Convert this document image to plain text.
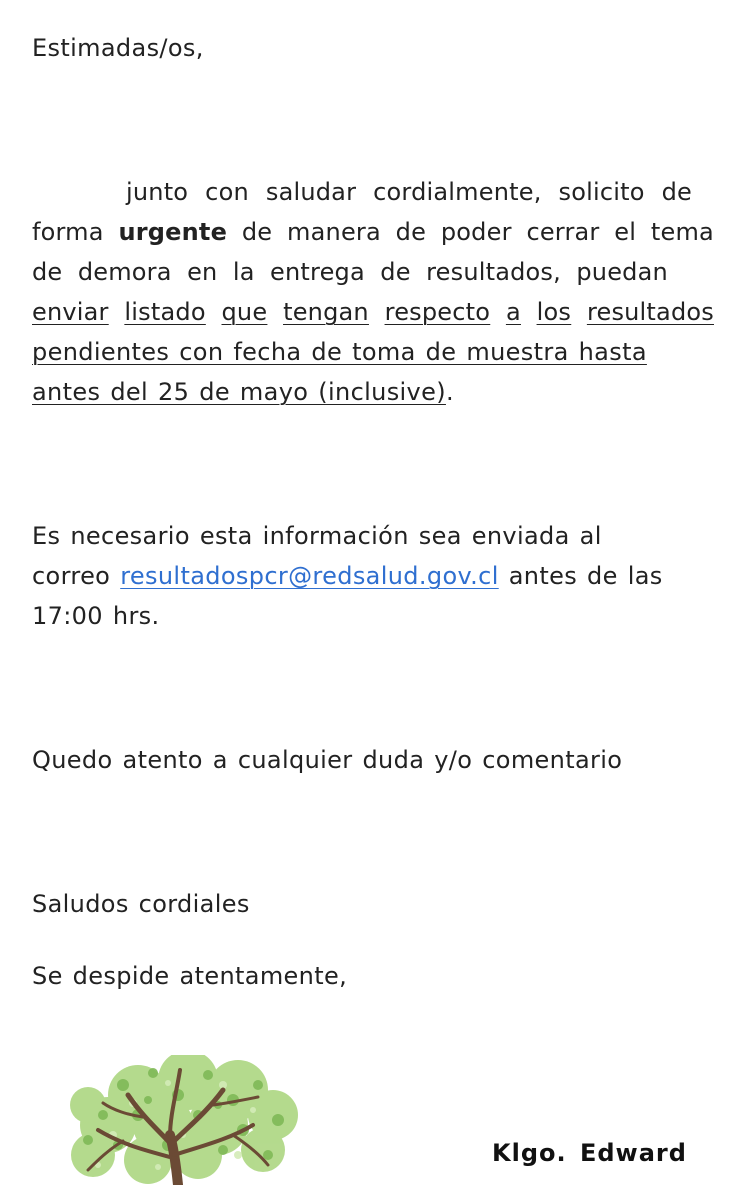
Estimadas/os,
junto con saludar cordialmente, solicito de
forma urgente de manera de poder cerrar el tema
de demora en la entrega de resultados, puedan
enviar listado que tengan respecto a los resultados
pendientes con fecha de toma de muestra hasta
antes del 25 de mayo (inclusive).
Es necesario esta información sea enviada al
correo resultadospcr@redsalud.gov.cl antes de las
17:00 hrs.
Quedo atento a cualquier duda y/o comentario
Saludos cordiales
Se despide atentamente,
Klgo. Edward
